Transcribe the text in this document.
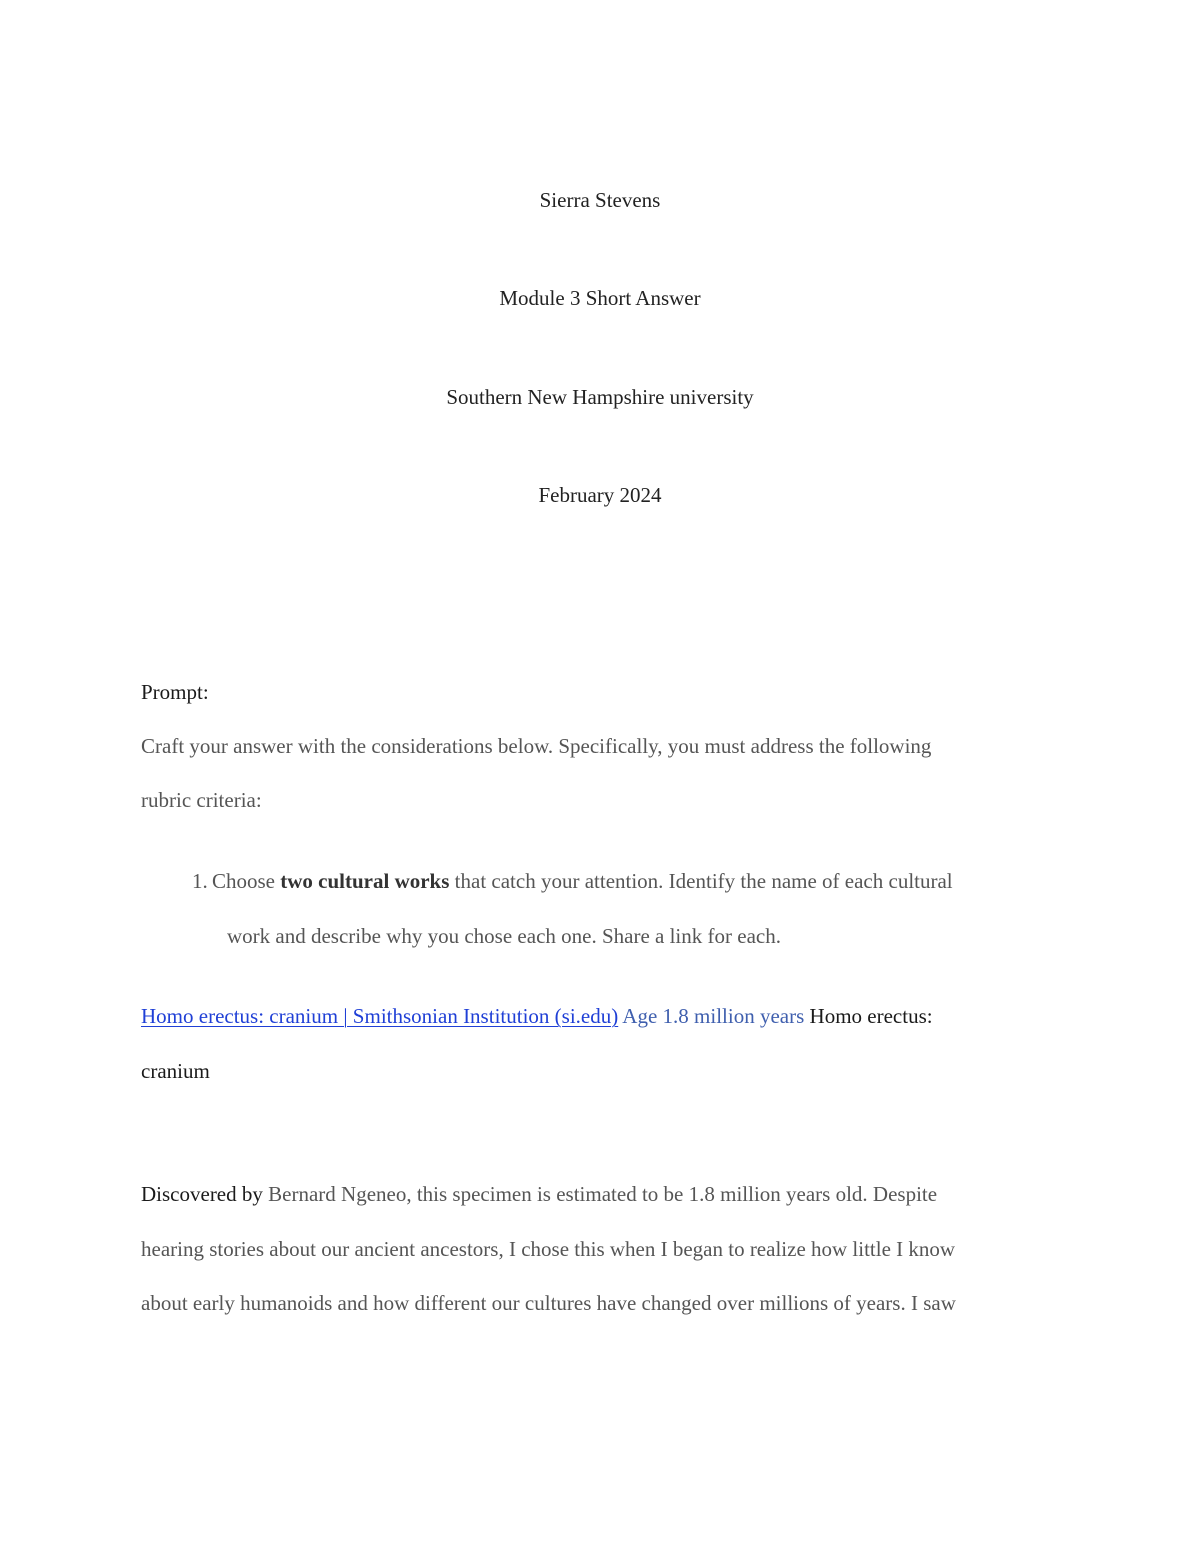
Sierra Stevens
Module 3 Short Answer
Southern New Hampshire university
February 2024
Prompt:
Craft your answer with the considerations below. Specifically, you must address the following
rubric criteria:
1. Choose two cultural works that catch your attention. Identify the name of each cultural
work and describe why you chose each one. Share a link for each.
Homo erectus: cranium | Smithsonian Institution (si.edu) Age 1.8 million years Homo erectus:
cranium
Discovered by Bernard Ngeneo, this specimen is estimated to be 1.8 million years old. Despite
hearing stories about our ancient ancestors, I chose this when I began to realize how little I know
about early humanoids and how different our cultures have changed over millions of years. I saw
